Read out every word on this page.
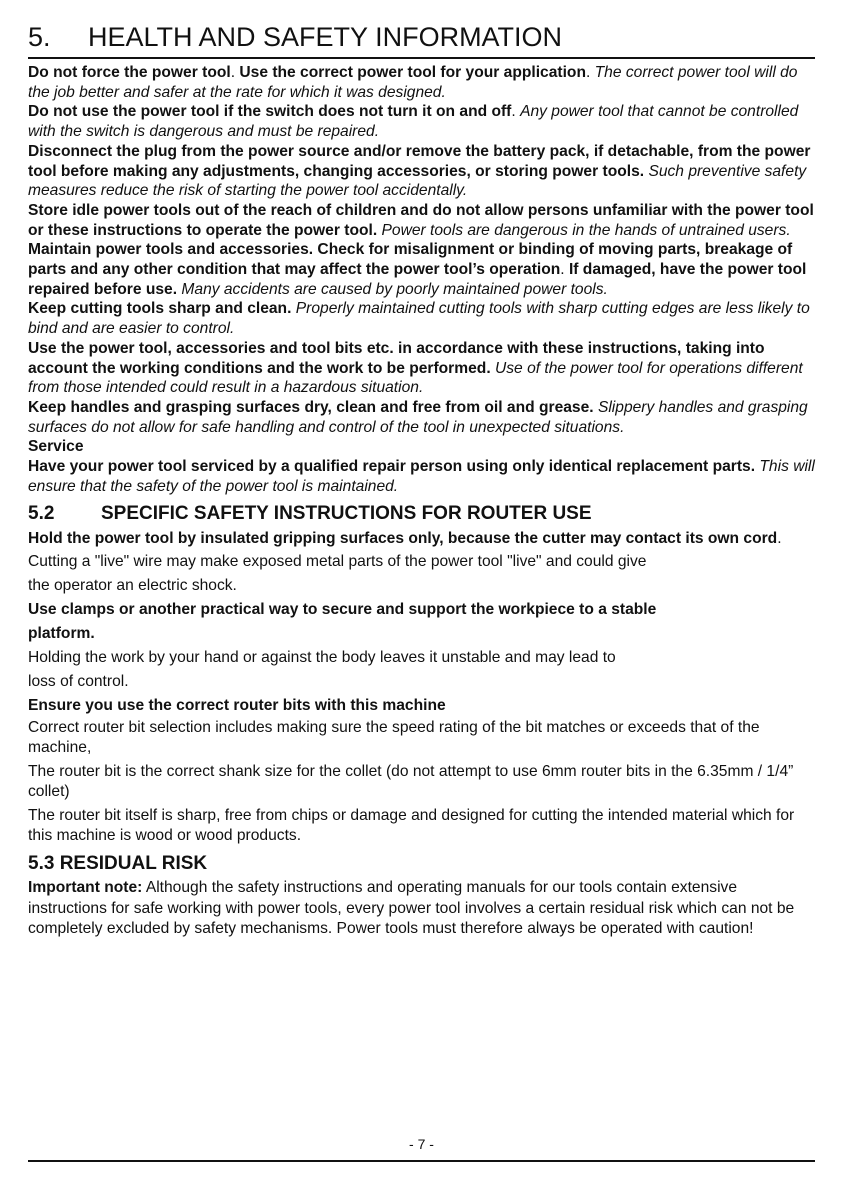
5.	HEALTH AND SAFETY INFORMATION

Do not force the power tool. Use the correct power tool for your application. The correct power tool will do the job better and safer at the rate for which it was designed.

Do not use the power tool if the switch does not turn it on and off. Any power tool that cannot be controlled with the switch is dangerous and must be repaired.

Disconnect the plug from the power source and/or remove the battery pack, if detachable, from the power tool before making any adjustments, changing accessories, or storing power tools. Such preventive safety measures reduce the risk of starting the power tool accidentally.

Store idle power tools out of the reach of children and do not allow persons unfamiliar with the power tool or these instructions to operate the power tool. Power tools are dangerous in the hands of untrained users.

Maintain power tools and accessories. Check for misalignment or binding of moving parts, breakage of parts and any other condition that may affect the power tool’s operation. If damaged, have the power tool repaired before use. Many accidents are caused by poorly maintained power tools.

Keep cutting tools sharp and clean. Properly maintained cutting tools with sharp cutting edges are less likely to bind and are easier to control.

Use the power tool, accessories and tool bits etc. in accordance with these instructions, taking into account the working conditions and the work to be performed. Use of the power tool for operations different from those intended could result in a hazardous situation.

Keep handles and grasping surfaces dry, clean and free from oil and grease. Slippery handles and grasping surfaces do not allow for safe handling and control of the tool in unexpected situations.

Service

Have your power tool serviced by a qualified repair person using only identical replacement parts. This will ensure that the safety of the power tool is maintained.

5.2	SPECIFIC SAFETY INSTRUCTIONS FOR ROUTER USE

Hold the power tool by insulated gripping surfaces only, because the cutter may contact its own cord.

Cutting a "live" wire may make exposed metal parts of the power tool "live" and could give

the operator an electric shock.

Use clamps or another practical way to secure and support the workpiece to a stable

platform.

Holding the work by your hand or against the body leaves it unstable and may lead to

loss of control.

Ensure you use the correct router bits with this machine

Correct router bit selection includes making sure the speed rating of the bit matches or exceeds that of the machine,

The router bit is the correct shank size for the collet (do not attempt to use 6mm router bits in the 6.35mm / 1/4” collet)

The router bit itself is sharp, free from chips or damage and designed for cutting the intended material which for this machine is wood or wood products.

5.3 RESIDUAL RISK

Important note: Although the safety instructions and operating manuals for our tools contain extensive instructions for safe working with power tools, every power tool involves a certain residual risk which can not be completely excluded by safety mechanisms. Power tools must therefore always be operated with caution!

- 7 -
